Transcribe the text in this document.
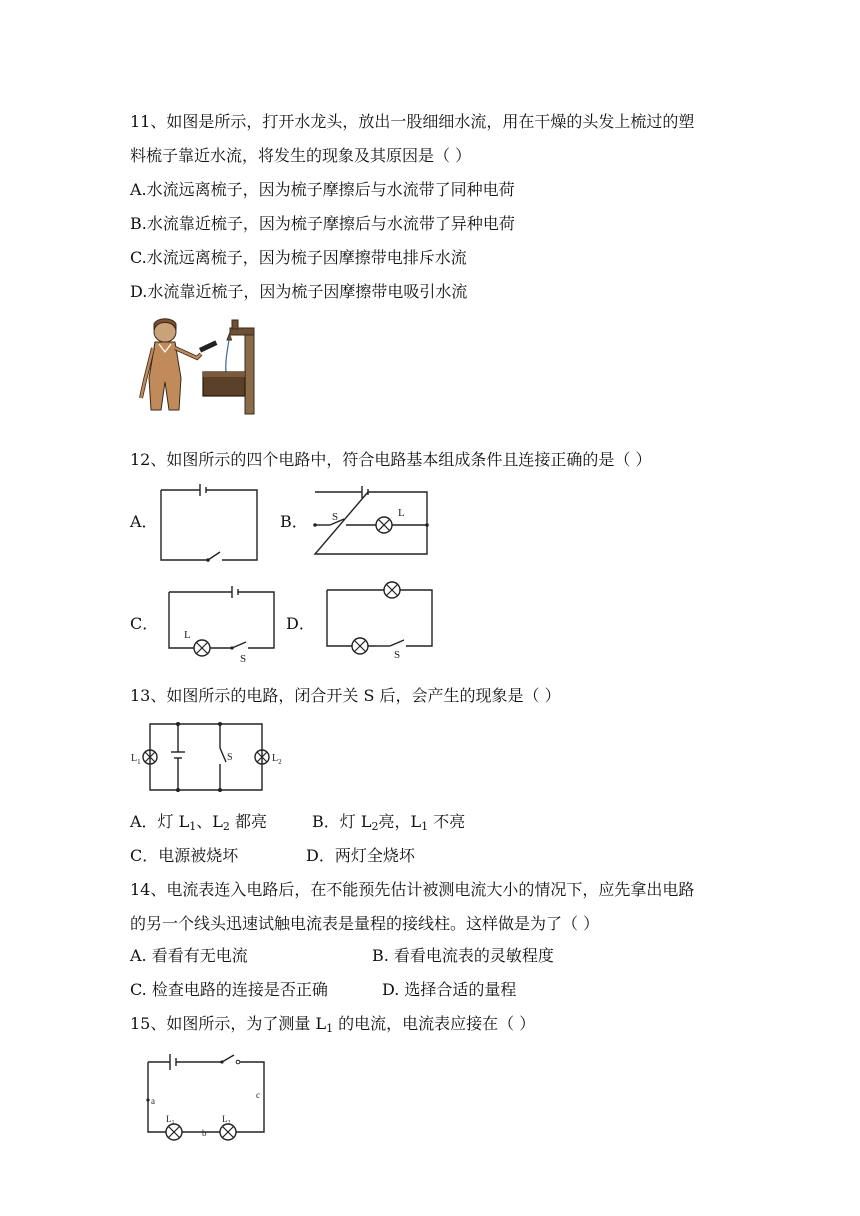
11、如图是所示，打开水龙头，放出一股细细水流，用在干燥的头发上梳过的塑
料梳子靠近水流，将发生的现象及其原因是（ ）
A.水流远离梳子，因为梳子摩擦后与水流带了同种电荷
B.水流靠近梳子，因为梳子摩擦后与水流带了异种电荷
C.水流远离梳子，因为梳子因摩擦带电排斥水流
D.水流靠近梳子，因为梳子因摩擦带电吸引水流
12、如图所示的四个电路中，符合电路基本组成条件且连接正确的是（ ）
A．	B． S	L
C．
L
S
D．
S
13、如图所示的电路，闭合开关 S 后，会产生的现象是（ ）
$L_1$	S	$L_2$
A．灯 $L_1$、$L_2$ 都亮	B．灯 $L_2$亮，$L_1$ 不亮
C．电源被烧坏	D．两灯全烧坏
14、电流表连入电路后，在不能预先估计被测电流大小的情况下，应先拿出电路
的另一个线头迅速试触电流表是量程的接线柱。这样做是为了（ ）
A. 看看有无电流	B. 看看电流表的灵敏程度
C. 检查电路的连接是否正确	D. 选择合适的量程
15、如图所示，为了测量 $L_1$ 的电流，电流表应接在（ ）
a
b
c
$L_1$	$L_2$
